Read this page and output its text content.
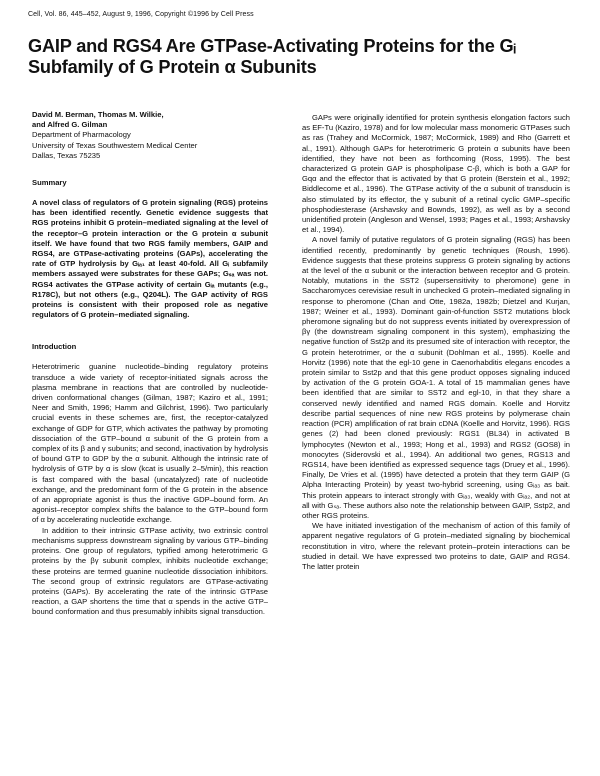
Cell, Vol. 86, 445–452, August 9, 1996, Copyright ©1996 by Cell Press
GAIP and RGS4 Are GTPase-Activating Proteins for the Gᵢ Subfamily of G Protein α Subunits
David M. Berman, Thomas M. Wilkie,
and Alfred G. Gilman
Department of Pharmacology
University of Texas Southwestern Medical Center
Dallas, Texas 75235
Summary

A novel class of regulators of G protein signaling (RGS) proteins has been identified recently. Genetic evidence suggests that RGS proteins inhibit G protein–mediated signaling at the level of the receptor–G protein interaction or the G protein α subunit itself. We have found that two RGS family members, GAIP and RGS4, are GTPase-activating proteins (GAPs), accelerating the rate of GTP hydrolysis by Gᵢₐ₁ at least 40-fold. All Gᵢ subfamily members assayed were substrates for these GAPs; Gₛₐ was not. RGS4 activates the GTPase activity of certain Gᵢₐ mutants (e.g., R178C), but not others (e.g., Q204L). The GAP activity of RGS proteins is consistent with their proposed role as negative regulators of G protein–mediated signaling.

Introduction

Heterotrimeric guanine nucleotide–binding regulatory proteins transduce a wide variety of receptor-initiated signals across the plasma membrane in reactions that are controlled by nucleotide-driven conformational changes (Gilman, 1987; Kaziro et al., 1991; Neer and Smith, 1996; Hamm and Gilchrist, 1996). Two particularly crucial events in these schemes are, first, the receptor-catalyzed exchange of GDP for GTP, which activates the pathway by promoting dissociation of the GTP–bound α subunit of the G protein from a complex of its β and γ subunits; and second, inactivation by hydrolysis of bound GTP to GDP by the α subunit. Although the intrinsic rate of hydrolysis of GTP by α is slow (kcat is usually 2–5/min), this reaction is fast compared with the basal (uncatalyzed) rate of nucleotide exchange, and the predominant form of the G protein in the absence of an appropriate agonist is thus the inactive GDP–bound form. An agonist–receptor complex shifts the balance to the GTP–bound form of α by accelerating nucleotide exchange.

In addition to their intrinsic GTPase activity, two extrinsic control mechanisms suppress downstream signaling by various GTP–binding proteins. One group of regulators, typified among heterotrimeric G proteins by the βγ subunit complex, inhibits nucleotide exchange; these proteins are termed guanine nucleotide dissociation inhibitors. The second group of extrinsic regulators are GTPase-activating proteins (GAPs). By accelerating the rate of the intrinsic GTPase reaction, a GAP shortens the time that α spends in the active GTP–bound conformation and thus presumably inhibits signal transduction.

GAPs were originally identified for protein synthesis elongation factors such as EF-Tu (Kaziro, 1978) and for low molecular mass monomeric GTPases such as ras (Trahey and McCormick, 1987; McCormick, 1989) and Rho (Garrett et al., 1991). Although GAPs for heterotrimeric G protein α subunits have been identified, they have not been as forthcoming (Ross, 1995). The best characterized G protein GAP is phospholipase C-β, which is both a GAP for Gqα and the effector that is activated by that G protein (Berstein et al., 1992; Biddlecome et al., 1996). The GTPase activity of the α subunit of transducin is also stimulated by its effector, the γ subunit of a retinal cyclic GMP–specific phosphodiesterase (Arshavsky and Bownds, 1992), as well as by a second unidentified protein (Angleson and Wensel, 1993; Pages et al., 1993; Arshavsky et al., 1994).

A novel family of putative regulators of G protein signaling (RGS) has been identified recently, predominantly by genetic techniques (Roush, 1996). Evidence suggests that these proteins suppress G protein signaling by actions at the level of the α subunit or the interaction between receptor and G protein. Notably, mutations in the SST2 (supersensitivity to pheromone) gene in Saccharomyces cerevisiae result in unchecked G protein–mediated signaling in response to pheromone (Chan and Otte, 1982a, 1982b; Dietzel and Kurjan, 1987; Weiner et al., 1993). Dominant gain-of-function SST2 mutations block pheromone signaling but do not suppress events initiated by overexpression of βγ (the downstream signaling component in this system), emphasizing the negative function of Sst2p and its presumed site of interaction with receptor, the G protein heterotrimer, or the α subunit (Dohlman et al., 1995). Koelle and Horvitz (1996) note that the egl-10 gene in Caenorhabditis elegans encodes a protein similar to Sst2p and that this gene product opposes signaling induced by activation of the G protein GOA-1. A total of 15 mammalian genes have been identified that are similar to SST2 and egl-10, in that they share a conserved newly identified and named RGS domain. Koelle and Horvitz describe partial sequences of nine new RGS proteins by polymerase chain reaction (PCR) amplification of rat brain cDNA (Koelle and Horvitz, 1996). RGS genes (2) had been cloned previously: RGS1 (BL34) in activated B lymphocytes (Newton et al., 1993; Hong et al., 1993) and RGS2 (GOS8) in monocytes (Siderovski et al., 1994). An additional two genes, RGS13 and RGS14, have been identified as expressed sequence tags (Druey et al., 1996). Finally, De Vries et al. (1995) have detected a protein that they term GAIP (G Alpha Interacting Protein) by yeast two-hybrid screening, using Gᵢₐ₃ as bait. This protein appears to interact strongly with Gᵢₐ₃, weakly with Gᵢₐ₂, and not at all with Gₛₐ. These authors also note the relationship between GAIP, Sstp2, and other RGS proteins.

We have initiated investigation of the mechanism of action of this family of apparent negative regulators of G protein–mediated signaling by biochemical reconstitution in vitro, where the relevant protein–protein interactions can be studied in detail. We have expressed two proteins to date, GAIP and RGS4. The latter protein
